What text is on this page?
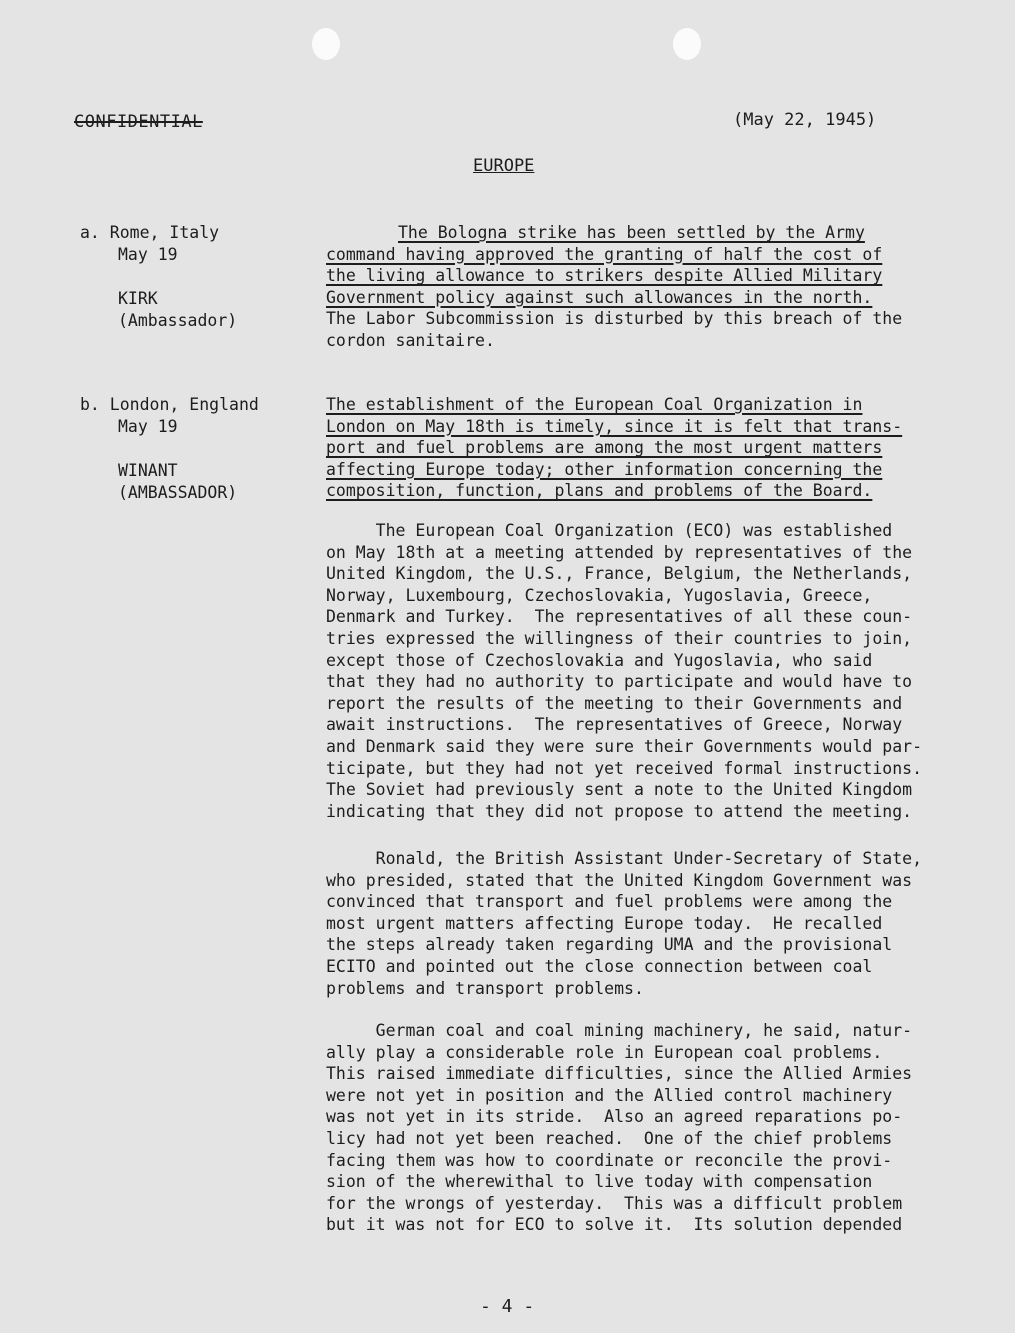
CONFIDENTIAL	(May 22, 1945)
EUROPE
a. Rome, Italy
May 19
KIRK
(Ambassador)
The Bologna strike has been settled by the Army
command having approved the granting of half the cost of
the living allowance to strikers despite Allied Military
Government policy against such allowances in the north.
The Labor Subcommission is disturbed by this breach of the
cordon sanitaire.
b. London, England
May 19
WINANT
(AMBASSADOR)
The establishment of the European Coal Organization in
London on May 18th is timely, since it is felt that trans-
port and fuel problems are among the most urgent matters
affecting Europe today; other information concerning the
composition, function, plans and problems of the Board.
The European Coal Organization (ECO) was established
on May 18th at a meeting attended by representatives of the
United Kingdom, the U.S., France, Belgium, the Netherlands,
Norway, Luxembourg, Czechoslovakia, Yugoslavia, Greece,
Denmark and Turkey.  The representatives of all these coun-
tries expressed the willingness of their countries to join,
except those of Czechoslovakia and Yugoslavia, who said
that they had no authority to participate and would have to
report the results of the meeting to their Governments and
await instructions.  The representatives of Greece, Norway
and Denmark said they were sure their Governments would par-
ticipate, but they had not yet received formal instructions.
The Soviet had previously sent a note to the United Kingdom
indicating that they did not propose to attend the meeting.
Ronald, the British Assistant Under-Secretary of State,
who presided, stated that the United Kingdom Government was
convinced that transport and fuel problems were among the
most urgent matters affecting Europe today.  He recalled
the steps already taken regarding UMA and the provisional
ECITO and pointed out the close connection between coal
problems and transport problems.
German coal and coal mining machinery, he said, natur-
ally play a considerable role in European coal problems.
This raised immediate difficulties, since the Allied Armies
were not yet in position and the Allied control machinery
was not yet in its stride.  Also an agreed reparations po-
licy had not yet been reached.  One of the chief problems
facing them was how to coordinate or reconcile the provi-
sion of the wherewithal to live today with compensation
for the wrongs of yesterday.  This was a difficult problem
but it was not for ECO to solve it.  Its solution depended
- 4 -
